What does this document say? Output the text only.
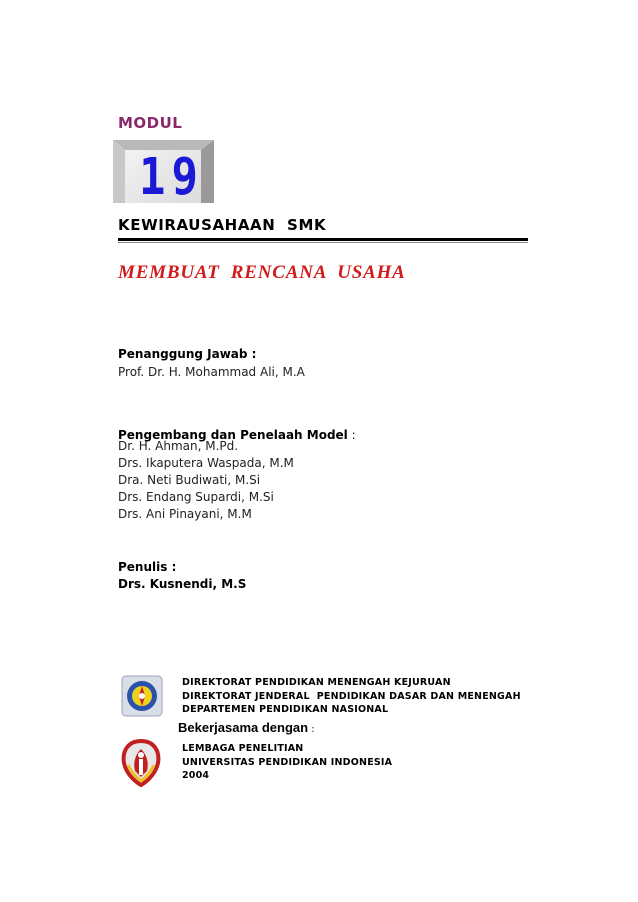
MODUL
19
KEWIRAUSAHAAN  SMK
MEMBUAT  RENCANA  USAHA
Penanggung Jawab :
Prof. Dr. H. Mohammad Ali, M.A
Pengembang dan Penelaah Model :
Dr. H. Ahman, M.Pd.
Drs. Ikaputera Waspada, M.M
Dra. Neti Budiwati, M.Si
Drs. Endang Supardi, M.Si
Drs. Ani Pinayani, M.M
Penulis :
Drs. Kusnendi, M.S
DIREKTORAT PENDIDIKAN MENENGAH KEJURUAN
DIREKTORAT JENDERAL  PENDIDIKAN DASAR DAN MENENGAH
DEPARTEMEN PENDIDIKAN NASIONAL
Bekerjasama dengan :
LEMBAGA PENELITIAN
UNIVERSITAS PENDIDIKAN INDONESIA
2004
